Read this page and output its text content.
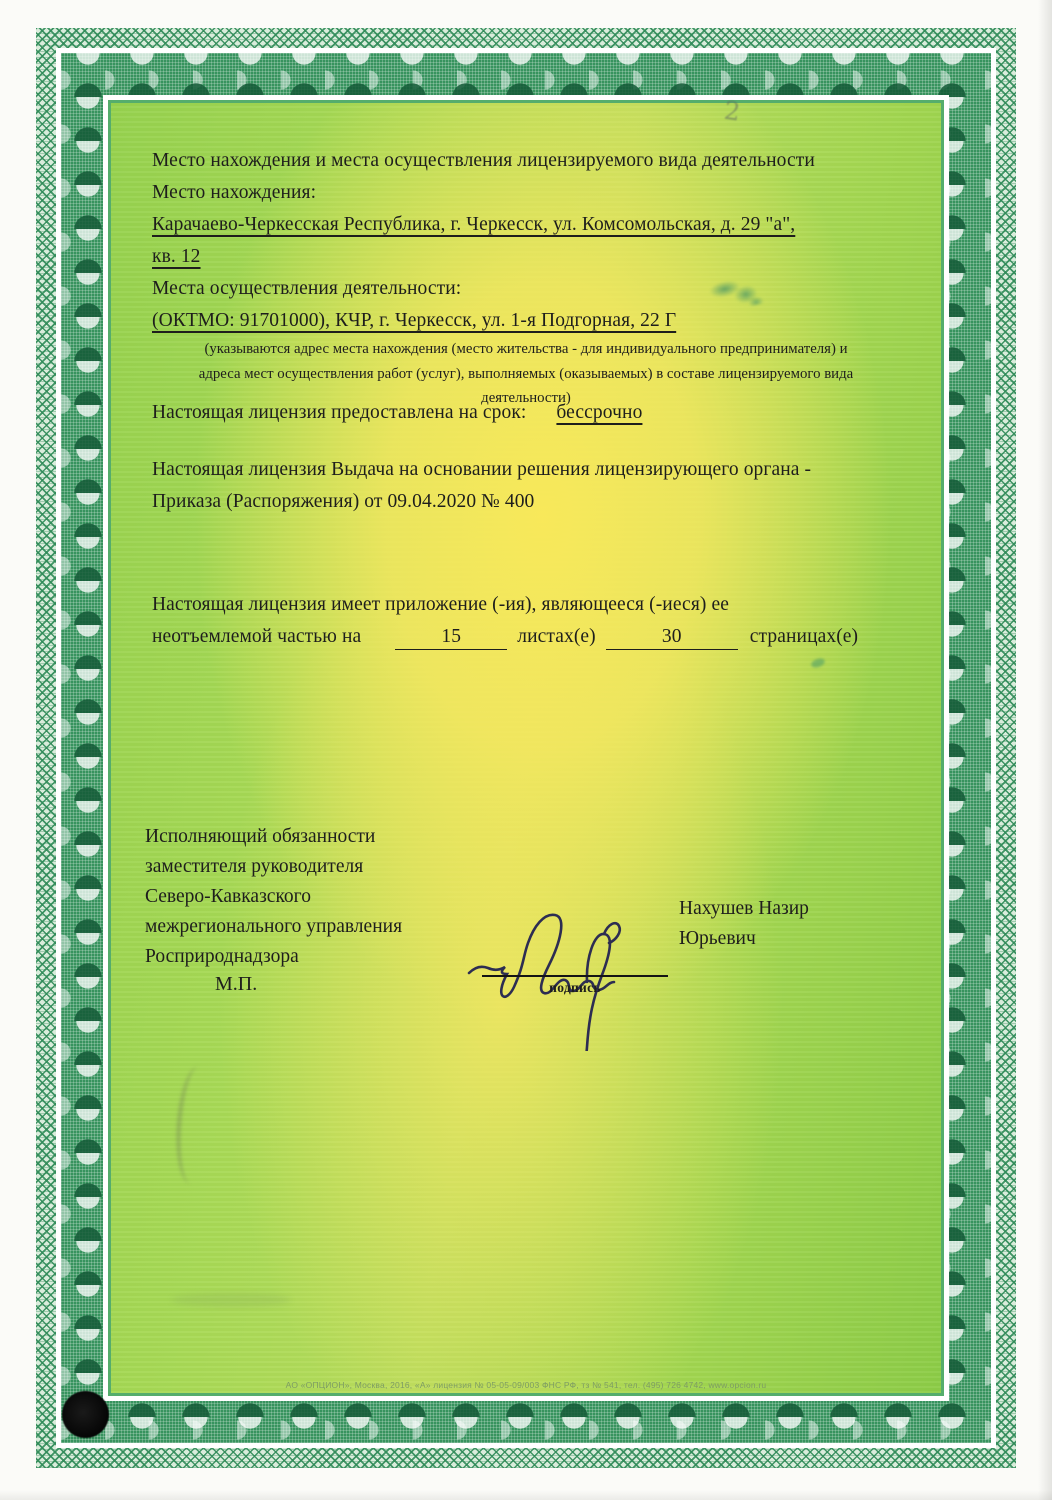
Место нахождения и места осуществления лицензируемого вида деятельности
Место нахождения:
Карачаево-Черкесская Республика, г. Черкесск, ул. Комсомольская, д. 29 "а",
кв. 12
Места осуществления деятельности:
(ОКТМО: 91701000), КЧР, г. Черкесск, ул. 1-я Подгорная, 22 Г
(указываются адрес места нахождения (место жительства - для индивидуального предпринимателя) и
адреса мест осуществления работ (услуг), выполняемых (оказываемых) в составе лицензируемого вида
деятельности)
Настоящая лицензия предоставлена на срок: бессрочно
Настоящая лицензия Выдача на основании решения лицензирующего органа -
Приказа (Распоряжения) от 09.04.2020 № 400
Настоящая лицензия имеет приложение (-ия), являющееся (-иеся) ее
неотъемлемой частью на	15	листах(е)	30	страницах(е)
Исполняющий обязанности
заместителя руководителя
Северо-Кавказского
межрегионального управления
Росприроднадзора
М.П.	подпись
Нахушев Назир
Юрьевич
АО «ОПЦИОН», Москва, 2016, «А» лицензия № 05-05-09/003 ФНС РФ, тз № 541, тел. (495) 726 4742, www.opcion.ru
2
